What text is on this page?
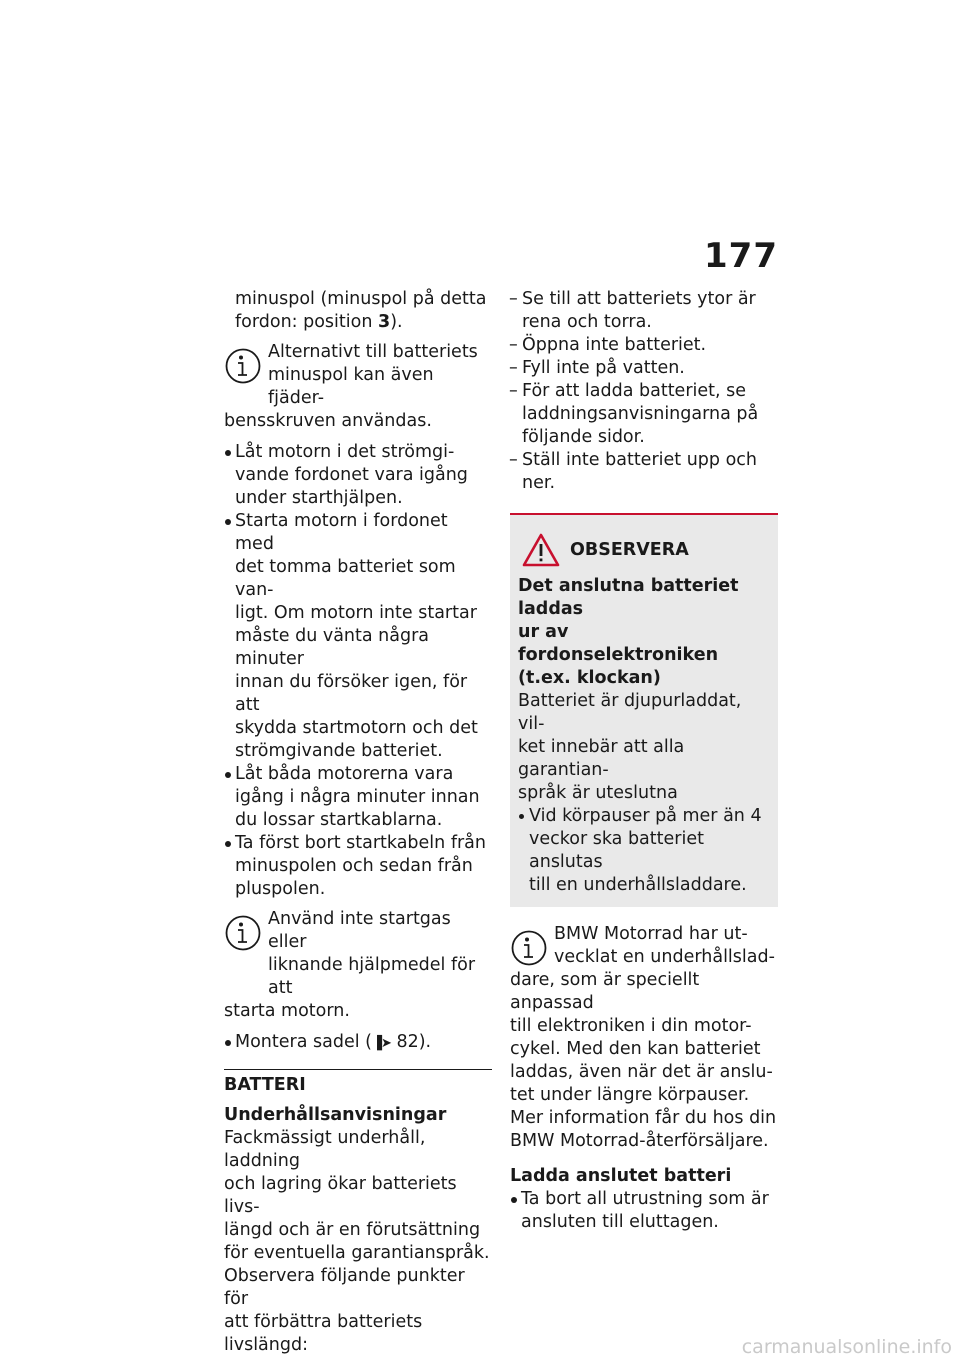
177

minuspol (minuspol på detta
fordon: position 3).

Alternativt till batteriets
minuspol kan även fjäder-
bensskruven användas.

Låt motorn i det strömgi-
vande fordonet vara igång
under starthjälpen.
Starta motorn i fordonet med
det tomma batteriet som van-
ligt. Om motorn inte startar
måste du vänta några minuter
innan du försöker igen, för att
skydda startmotorn och det
strömgivande batteriet.
Låt båda motorerna vara
igång i några minuter innan
du lossar startkablarna.
Ta först bort startkabeln från
minuspolen och sedan från
pluspolen.

Använd inte startgas eller
liknande hjälpmedel för att
starta motorn.

Montera sadel (▐➤ 82).
BATTERI
Underhållsanvisningar

Fackmässigt underhåll, laddning
och lagring ökar batteriets livs-
längd och är en förutsättning
för eventuella garantianspråk.
Observera följande punkter för
att förbättra batteriets livslängd:

– Se till att batteriets ytor är
rena och torra.
– Öppna inte batteriet.
– Fyll inte på vatten.
– För att ladda batteriet, se
laddningsanvisningarna på
följande sidor.
– Ställ inte batteriet upp och
ner.
OBSERVERA

Det anslutna batteriet laddas
ur av fordonselektroniken
(t.ex. klockan)

Batteriet är djupurladdat, vil-
ket innebär att alla garantian-
språk är uteslutna

Vid körpauser på mer än 4
veckor ska batteriet anslutas
till en underhållsladdare.

BMW Motorrad har ut-
vecklat en underhållslad-
dare, som är speciellt anpassad
till elektroniken i din motor-
cykel. Med den kan batteriet
laddas, även när det är anslu-
tet under längre körpauser.
Mer information får du hos din
BMW Motorrad-återförsäljare.

Ladda anslutet batteri
Ta bort all utrustning som är
ansluten till eluttagen.
carmanualsonline.info
